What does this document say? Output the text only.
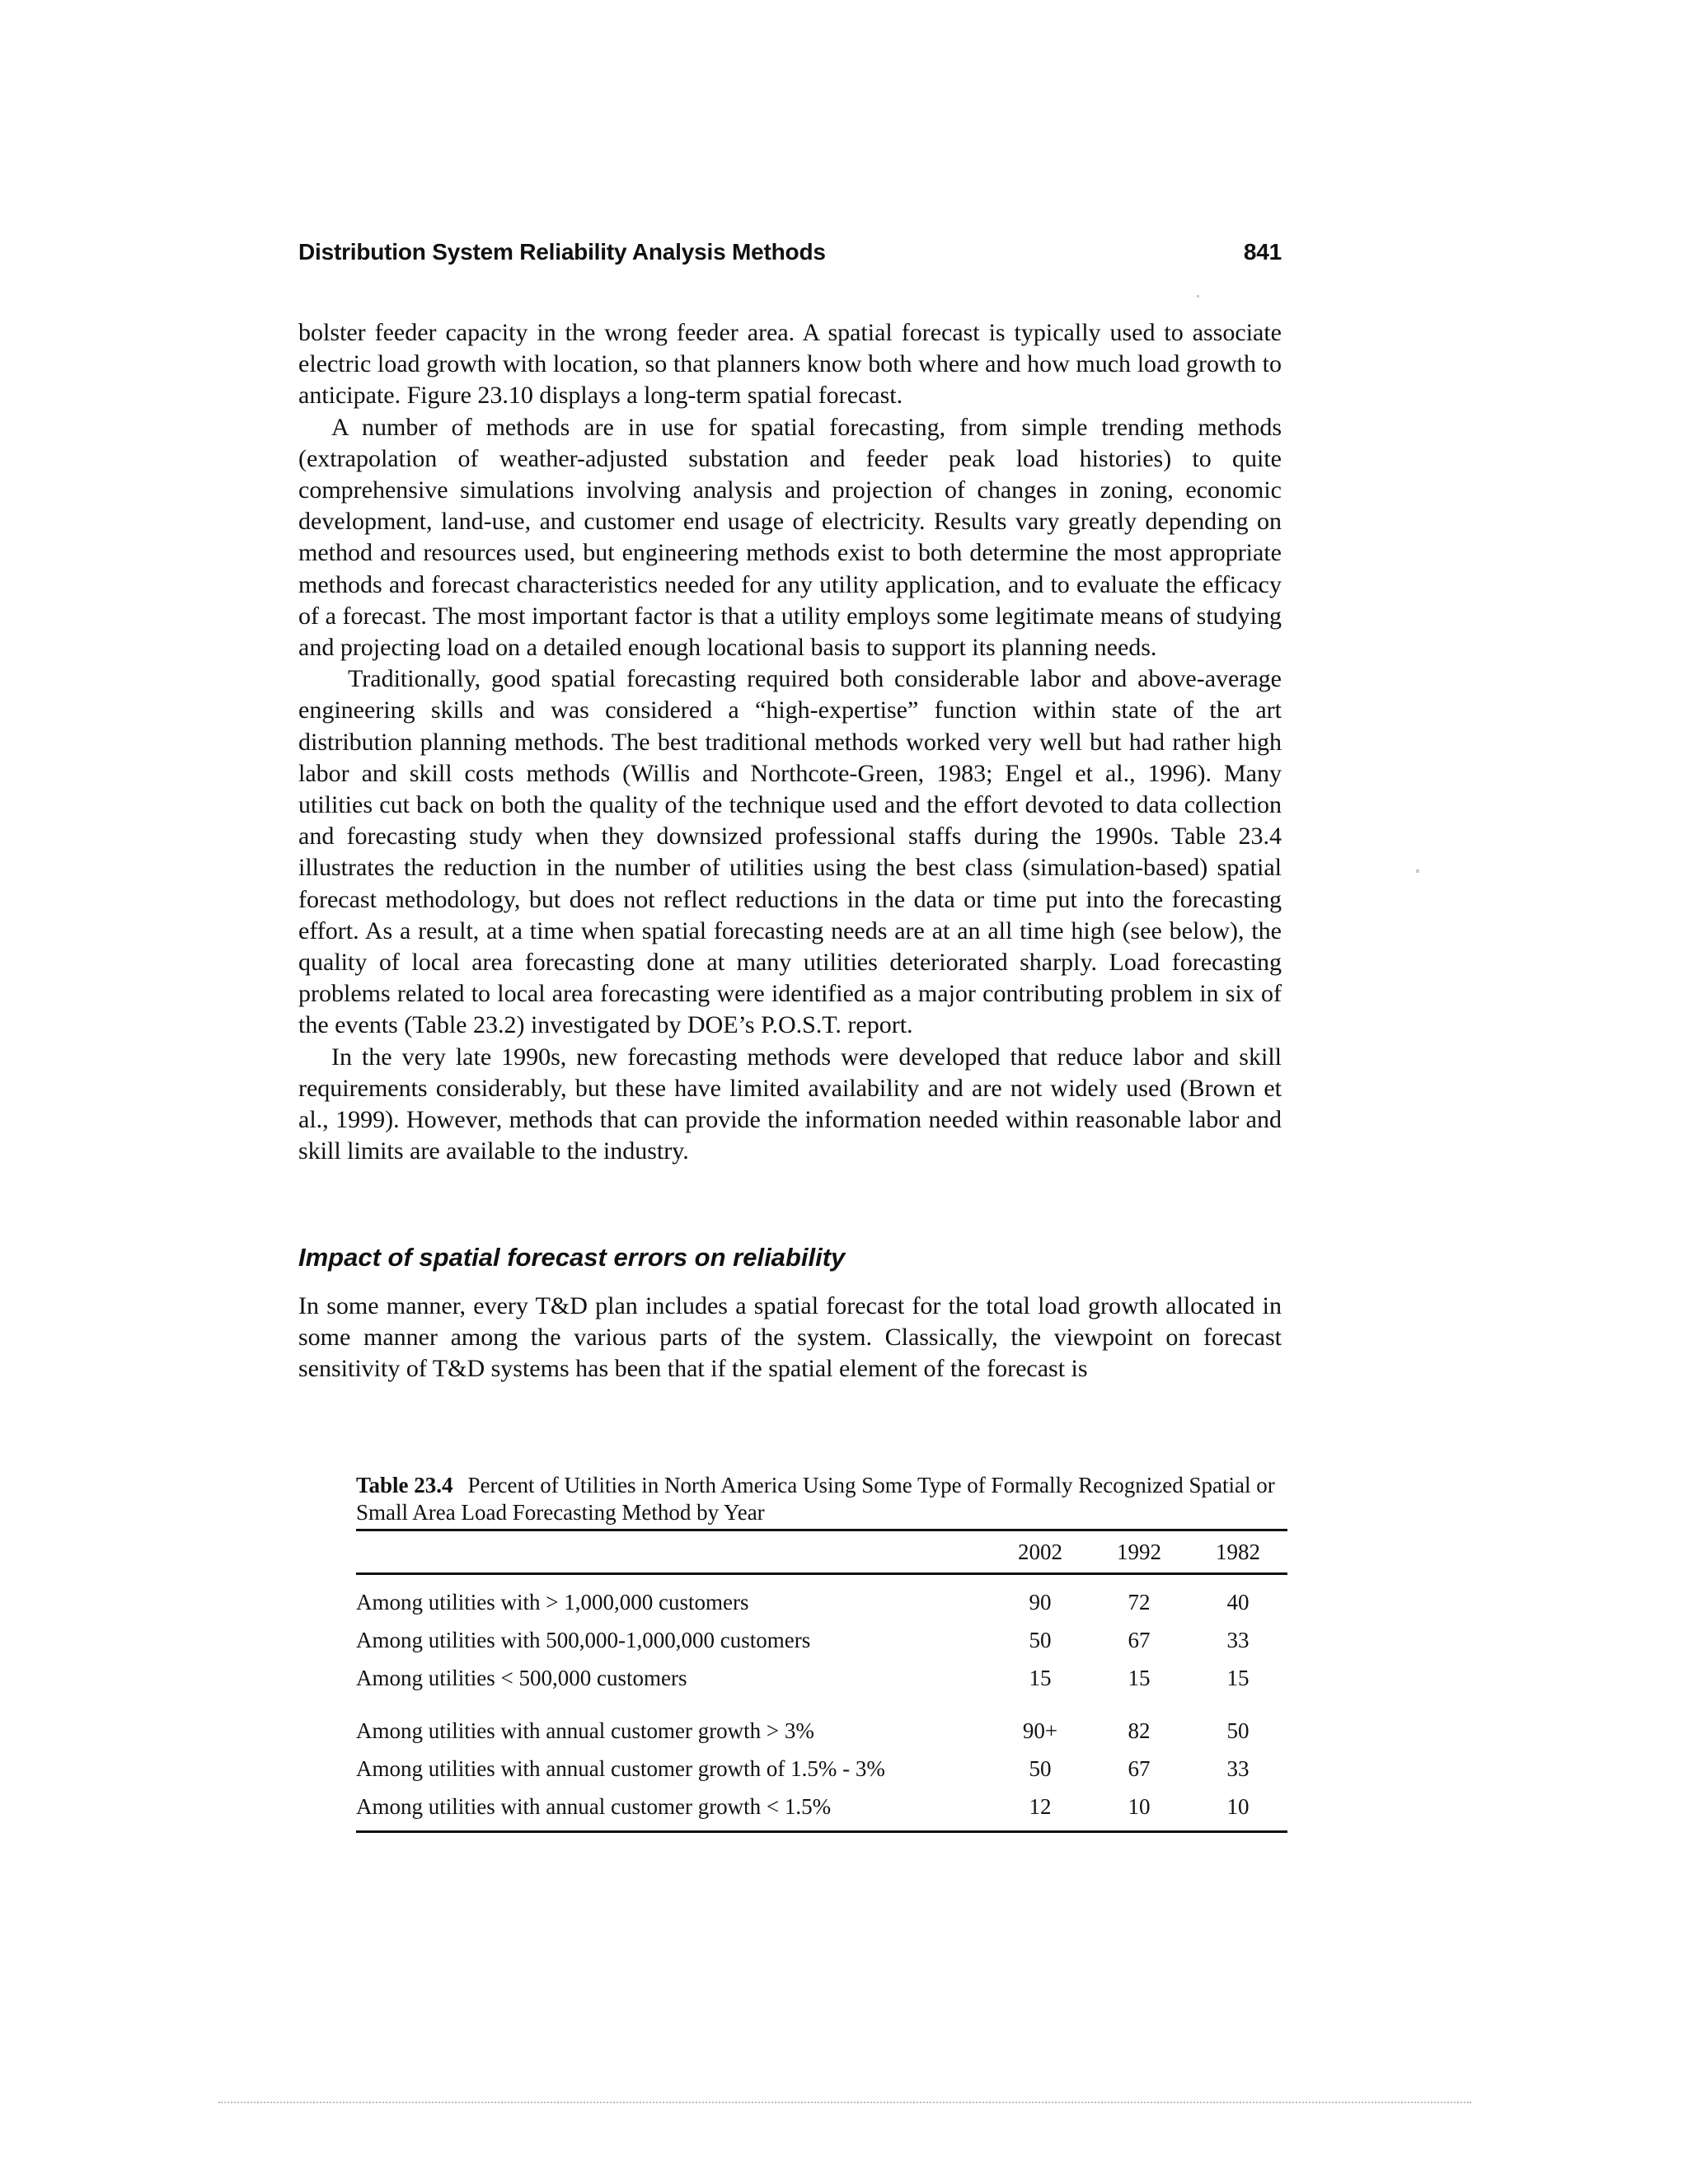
Distribution System Reliability Analysis Methods	841

bolster feeder capacity in the wrong feeder area. A spatial forecast is typically used to associate electric load growth with location, so that planners know both where and how much load growth to anticipate. Figure 23.10 displays a long-term spatial forecast.

A number of methods are in use for spatial forecasting, from simple trending methods (extrapolation of weather-adjusted substation and feeder peak load histories) to quite comprehensive simulations involving analysis and projection of changes in zoning, economic development, land-use, and customer end usage of electricity. Results vary greatly depending on method and resources used, but engineering methods exist to both determine the most appropriate methods and forecast characteristics needed for any utility application, and to evaluate the efficacy of a forecast. The most important factor is that a utility employs some legitimate means of studying and projecting load on a detailed enough locational basis to support its planning needs.

Traditionally, good spatial forecasting required both considerable labor and above-average engineering skills and was considered a “high-expertise” function within state of the art distribution planning methods. The best traditional methods worked very well but had rather high labor and skill costs methods (Willis and Northcote-Green, 1983; Engel et al., 1996). Many utilities cut back on both the quality of the technique used and the effort devoted to data collection and forecasting study when they downsized professional staffs during the 1990s. Table 23.4 illustrates the reduction in the number of utilities using the best class (simulation-based) spatial forecast methodology, but does not reflect reductions in the data or time put into the forecasting effort. As a result, at a time when spatial forecasting needs are at an all time high (see below), the quality of local area forecasting done at many utilities deteriorated sharply. Load forecasting problems related to local area forecasting were identified as a major contributing problem in six of the events (Table 23.2) investigated by DOE’s P.O.S.T. report.

In the very late 1990s, new forecasting methods were developed that reduce labor and skill requirements considerably, but these have limited availability and are not widely used (Brown et al., 1999). However, methods that can provide the information needed within reasonable labor and skill limits are available to the industry.

Impact of spatial forecast errors on reliability

In some manner, every T&D plan includes a spatial forecast for the total load growth allocated in some manner among the various parts of the system. Classically, the viewpoint on forecast sensitivity of T&D systems has been that if the spatial element of the forecast is

Table 23.4 Percent of Utilities in North America Using Some Type of Formally Recognized Spatial or Small Area Load Forecasting Method by Year
	2002	1992	1982
Among utilities with > 1,000,000 customers	90	72	40
Among utilities with 500,000-1,000,000 customers	50	67	33
Among utilities < 500,000 customers	15	15	15
Among utilities with annual customer growth > 3%	90+	82	50
Among utilities with annual customer growth of 1.5% - 3%	50	67	33
Among utilities with annual customer growth < 1.5%	12	10	10
